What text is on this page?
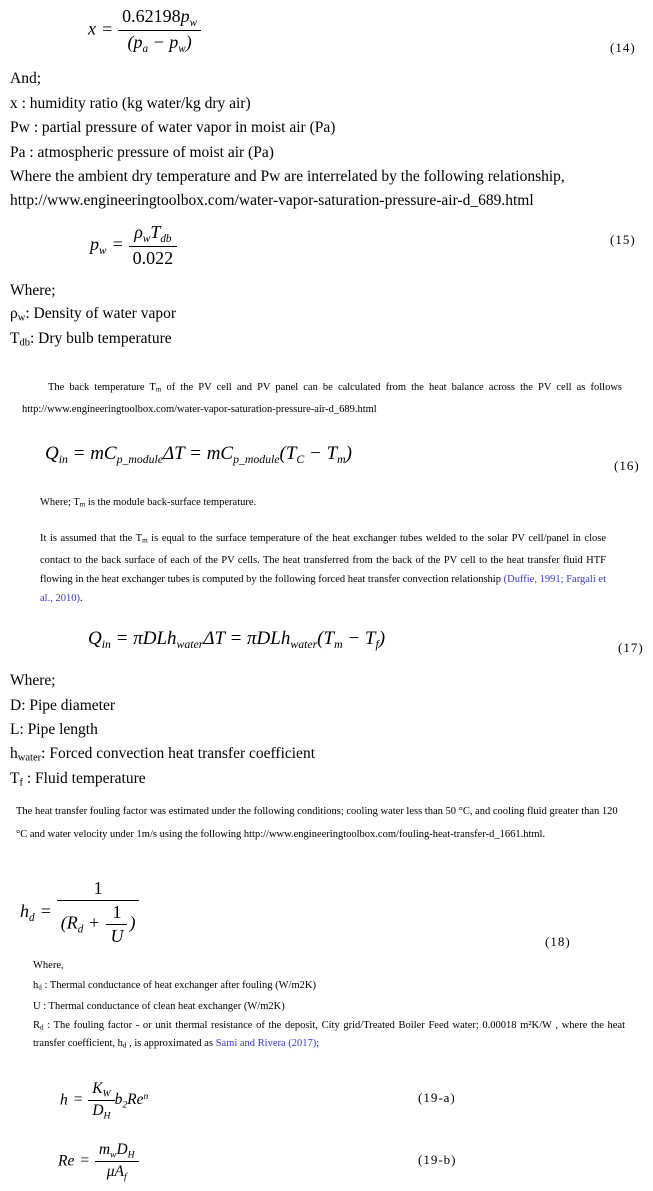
$x = \frac{0.62198p_w}{(p_a - p_w)}$	(14)
And;
x : humidity ratio (kg water/kg dry air)
Pw : partial pressure of water vapor in moist air (Pa)
Pa : atmospheric pressure of moist air (Pa)
Where the ambient dry temperature and Pw are interrelated by the following relationship,
http://www.engineeringtoolbox.com/water-vapor-saturation-pressure-air-d_689.html
$p_w = \frac{\rho_wT_{db}}{0.022}$	(15)
Where;
ρw: Density of water vapor
Tdb: Dry bulb temperature
The back temperature Tm of the PV cell and PV panel can be calculated from the heat balance across the PV cell as follows http://www.engineeringtoolbox.com/water-vapor-saturation-pressure-air-d_689.html
$Q_{in} = mC_{p\_module}\Delta T = mC_{p\_module}(T_C - T_m)$
(16)
Where; Tm is the module back-surface temperature.
It is assumed that the Tm is equal to the surface temperature of the heat exchanger tubes welded to the solar PV cell/panel in close contact to the back surface of each of the PV cells. The heat transferred from the back of the PV cell to the heat transfer fluid HTF flowing in the heat exchanger tubes is computed by the following forced heat transfer convection relationship (Duffie, 1991; Fargali et al., 2010).
$Q_{in} = \pi DLh_{water}\Delta T = \pi DLh_{water}(T_m - T_f)$	(17)
Where;
D: Pipe diameter
L: Pipe length
hwater: Forced convection heat transfer coefficient
Tf : Fluid temperature
The heat transfer fouling factor was estimated under the following conditions; cooling water less than 50 °C, and cooling fluid greater than 120 °C and water velocity under 1m/s using the following http://www.engineeringtoolbox.com/fouling-heat-transfer-d_1661.html.
$h_d = \frac{1}{(R_d + \frac{1}{U} )}$	(18)
Where,
hd : Thermal conductance of heat exchanger after fouling (W/m2K)
U : Thermal conductance of clean heat exchanger (W/m2K)
Rd : The fouling factor - or unit thermal resistance of the deposit, City grid/Treated Boiler Feed water; 0.00018 m²K/W , where the heat transfer coefficient, hd , is approximated as Sami and Rivera (2017);
$h = \frac{K_W}{D_H} b_2Re^n$	(19-a)
$Re = \frac{m_wD_H}{\mu A_f}$	(19-b)
